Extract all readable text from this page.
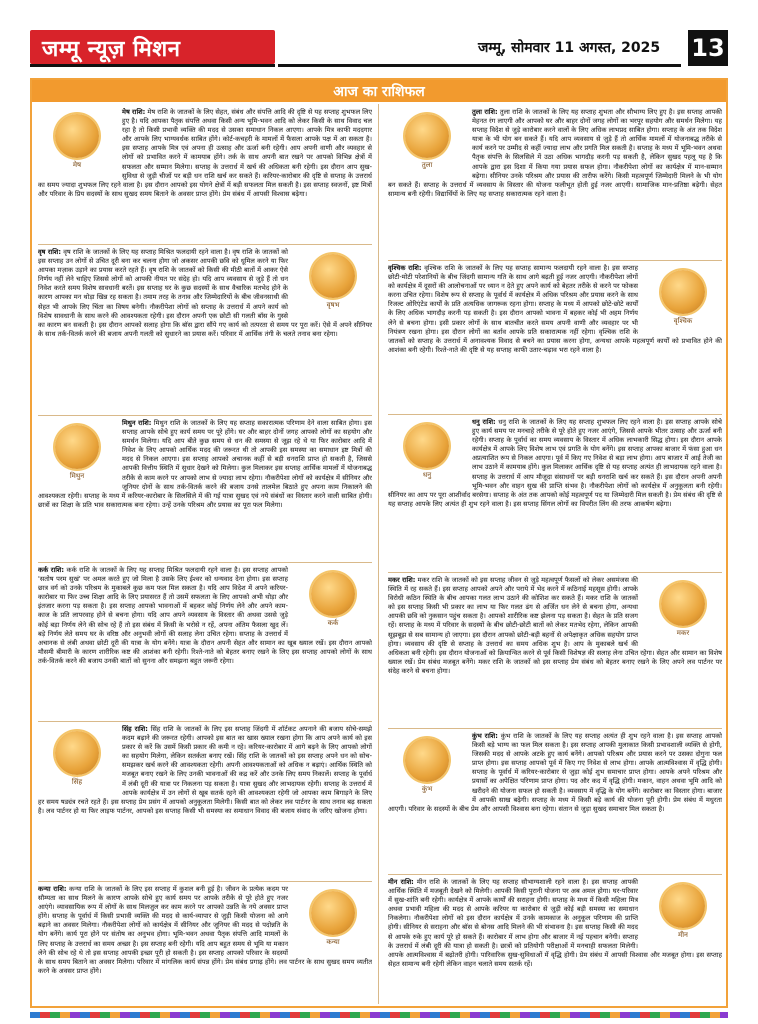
जम्मू न्यूज़ मिशन	जम्मू, सोमवार 11 अगस्त, 2025 13
आज का राशिफल
मेष

मेष राशि: मेष राशि के जातकों के लिए सेहत, संबंध और संपत्ति आदि की दृष्टि से यह सप्ताह शुभफल लिए हुए है। यदि आपका पैतृक संपत्ति अथवा किसी अन्य भूमि-भवन आदि को लेकर किसी के साथ विवाद चल रहा है तो किसी प्रभावी व्यक्ति की मदद से उसका समाधान निकल आएगा। आपके मित्र काफी मददगार और आपके लिए भाग्यवर्धक साबित होंगे। कोर्ट-कचहरी के मामलों में फैसला आपके पक्ष में आ सकता है। इस सप्ताह आपके मित्र एवं अपना ही उत्साह और ऊर्जा बनी रहेगी। आप अपनी वाणी और व्यवहार से लोगों को प्रभावित करने में कामयाब होंगे। तर्क के साथ अपनी बात रखने पर आपको विभिन्न क्षेत्रों में सफलता और सम्मान मिलेगा। सप्ताह के उत्तरार्ध में खर्च की अधिकता बनी रहेगी। इस दौरान आप सुख-सुविधा से जुड़ी चीजों पर बड़ी धन राशि खर्च कर सकते हैं। करियर-कारोबार की दृष्टि से सप्ताह के उत्तरार्ध का समय ज्यादा शुभफल लिए रहने वाला है। इस दौरान आपको इस योगने क्षेत्रों में बड़ी सफलता मिल सकती है। इस सप्ताह स्वजनों, इष्ट मित्रों और परिवार के प्रिय सदस्यों के साथ सुखद समय बिताने के अवसर प्राप्त होंगे। प्रेम संबंध में आपसी विश्वास बढ़ेगा।

वृषभ

वृष राशि: वृष राशि के जातकों के लिए यह सप्ताह मिश्रित फलदायी रहने वाला है। वृष राशि के जातकों को इस सप्ताह उन लोगों से उचित दूरी बना कर चलना होगा जो अकसर आपकी छवि को धूमिल करने या फिर आपका मज़ाक उड़ाने का प्रयास करते रहते हैं। वृष राशि के जातकों को किसी की मीठी बातों में आकर ऐसे निर्णय नहीं लेने चाहिए जिससे लोगों को आपकी नीयत पर संदेह हो। यदि आप व्यवसाय से जुड़े हैं तो धन निवेश करते समय विशेष सावधानी बरतें। इस सप्ताह घर के कुछ सदस्यों के साथ वैचारिक मतभेद होने के कारण आपका मन थोड़ा खिन्न रह सकता है। तमाम तरह के तनाव और जिम्मेदारियों के बीच जीवनसाथी की सेहत भी आपके लिए चिंता का विषय बनेगी। नौकरीपेशा लोगों को सप्ताह के उत्तरार्ध में अपने कार्य को विशेष सावधानी के साथ करने की आवश्यकता रहेगी। इस दौरान अपनी एक छोटी सी गलती बॉस के गुस्से का कारण बन सकती है। इस दौरान आपको सलाह होगा कि बॉस द्वारा सौंपे गए कार्य को तत्परता से समय पर पूरा करें। ऐसे में अपने सीनियर के साथ तर्क-वितर्क करने की बजाय अपनी गलती को सुधारने का प्रयास करें। परिवार में आर्थिक तंगी के चलते तनाव बना रहेगा।

मिथुन

मिथुन राशि: मिथुन राशि के जातकों के लिए यह सप्ताह सकारात्मक परिणाम देने वाला साबित होगा। इस सप्ताह आपके सोचे हुए कार्य समय पर पूरे होंगे। घर और बाहर दोनों जगह आपको लोगों का सहयोग और समर्थन मिलेगा। यदि आप बीते कुछ समय से धन की समस्या से जूझ रहे थे या फिर कारोबार आदि में निवेश के लिए आपको आर्थिक मदद की जरूरत थी तो आपकी इस समस्या का समाधान इष्ट मित्रों की मदद से निकल आएगा। इस सप्ताह आपको अचानक कहीं से बड़ी धनराशि प्राप्त हो सकती है, जिससे आपकी वित्तीय स्थिति में सुधार देखने को मिलेगा। कुल मिलाकर इस सप्ताह आर्थिक मामलों में योजनाबद्ध तरीके से काम करने पर आपको लाभ से ज्यादा लाभ रहेगा। नौकरीपेशा लोगों को कार्यक्षेत्र में सीनियर और जूनियर दोनों के साथ तर्क-वितर्क करने की बजाय उनसे तालमेल बिठाते हुए अपना काम निकालने की आवश्यकता रहेगी। सप्ताह के मध्य में करियर-कारोबार के सिलसिले में की गई यात्रा सुखद एवं नये संबंधों का विस्तार करने वाली साबित होगी। छात्रों का शिक्षा के प्रति भाव सकारात्मक बना रहेगा। उन्हें उनके परिश्रम और प्रयास का पूरा फल मिलेगा।

कर्क

कर्क राशि: कर्क राशि के जातकों के लिए यह सप्ताह मिश्रित फलदायी रहने वाला है। इस सप्ताह आपको 'सतोष परम सुखं' पर अमल करते हुए जो मिला है उसके लिए ईश्वर को धन्यवाद देना होगा। इस सप्ताह छात्र वर्ग को उनके परिश्रम के मुकाबले कुछ कम फल मिल सकता है। यदि आप विदेश में अपने करियर-कारोबार या फिर उच्च शिक्षा आदि के लिए प्रयासरत हैं तो उसमें सफलता के लिए आपको अभी थोड़ा और इंतजार करना पड़ सकता है। इस सप्ताह आपको भावनाओं में बहकर कोई निर्णय लेने और अपने काम-काज के प्रति लापरवाह होने से बचना होगा। यदि आप अपने व्यवसाय के विस्तार की अथवा उससे जुड़े कोई बड़ा निर्णय लेने की सोच रहे हैं तो इस संबंध में किसी के भरोसे न रहें, अपना अंतिम फैसला खुद लें। बड़े निर्णय लेते समय घर के वरिष्ठ और अनुभवी लोगों की सलाह लेना उचित रहेगा। सप्ताह के उत्तरार्ध में अचानक से लंबी अथवा छोटी दूरी की यात्रा के योग बनेंगे। यात्रा के दौरान अपनी सेहत और सामान का खूब ख्याल रखें। इस दौरान आपको मौसमी बीमारी के कारण शारीरिक कष्ट की आशंका बनी रहेगी। रिश्ते-नाते को बेहतर बनाए रखने के लिए इस सप्ताह आपको लोगों के साथ तर्क-वितर्क करने की बजाय उनकी बातों को सुनना और समझना बहुत जरूरी रहेगा।

सिंह

सिंह राशि: सिंह राशि के जातकों के लिए इस सप्ताह जिंदगी में शॉर्टकट अपनाने की बजाय सोचे-समझे कदम बढ़ाने की जरूरत रहेगी। आपको इस बात का खास ख्याल रखना होगा कि आप अपने कार्य को इस प्रकार से करें कि उसमें किसी प्रकार की कमी न रहे। करियर-कारोबार में आगे बढ़ने के लिए आपको लोगों का सहयोग मिलेगा, लेकिन सतर्कता बनाए रखें। सिंह राशि के जातकों को इस सप्ताह अपने धन को सोच-समझकर खर्च करने की आवश्यकता रहेगी। अपनी आवश्यकताओं को अधिक न बढ़ाएं। आर्थिक स्थिति को मजबूत बनाए रखने के लिए उनकी भावनाओं की कद्र करें और उनके लिए समय निकालें। सप्ताह के पूर्वार्ध में लंबी दूरी की यात्रा पर निकलना पड़ सकता है। यात्रा सुखद और लाभदायक रहेगी। सप्ताह के उत्तरार्ध में आपके कार्यक्षेत्र में उन लोगों से खूब सतर्क रहने की आवश्यकता रहेगी जो आपका काम बिगाड़ने के लिए हर समय षड्यंत्र रचते रहते हैं। इस सप्ताह प्रेम प्रसंग में आपको अनुकूलता मिलेगी। किसी बात को लेकर लव पार्टनर के साथ तनाव बढ़ सकता है। लव पार्टनर हो या फिर लाइफ पार्टनर, आपको इस सप्ताह किसी भी समस्या का समाधान विवाद की बजाय संवाद के जरिए खोजना होगा।

कन्या

कन्या राशि: कन्या राशि के जातकों के लिए इस सप्ताह में कुशल बनी हुई है। जीवन के प्रत्येक कदम पर सौम्यता का साथ मिलने के कारण आपके सोचे हुए कार्य समय पर आपके तरीके से पूरे होते हुए नजर आएंगे। व्यावसायिक रूप में लोगों के साथ मिलजुल कर काम करने पर आपको उन्नति के नये अवसर प्राप्त होंगे। सप्ताह के पूर्वार्ध में किसी प्रभावी व्यक्ति की मदद से कार्य-व्यापार से जुड़ी किसी योजना को आगे बढ़ाने का अवसर मिलेगा। नौकरीपेशा लोगों को कार्यक्षेत्र में सीनियर और जूनियर की मदद से पदोन्नति के योग बनेंगे। कार्य पूरा होने पर संतोष का अनुभव होगा। भूमि-भवन अथवा पैतृक संपत्ति आदि मामलों के लिए सप्ताह के उत्तरार्ध का समय अच्छा है। इस सप्ताह बनी रहेगी। यदि आप बहुत समय से भूमि या मकान लेने की सोच रहे थे तो इस सप्ताह आपकी इच्छा पूरी हो सकती है। इस सप्ताह आपको परिवार के सदस्यों के साथ समय बिताने का अवसर मिलेगा। परिवार में मांगलिक कार्य संपन्न होंगे। प्रेम संबंध प्रगाढ़ होंगे। लव पार्टनर के साथ सुखद समय व्यतीत करने के अवसर प्राप्त होंगे।

तुला

तुला राशि: तुला राशि के जातकों के लिए यह सप्ताह शुभता और सौभाग्य लिए हुए है। इस सप्ताह आपकी मेहनत रंग लाएगी और आपको घर और बाहर दोनों जगह लोगों का भरपूर सहयोग और समर्थन मिलेगा। यह सप्ताह विदेश से जुड़े कारोबार करने वालों के लिए अधिक लाभप्रद साबित होगा। सप्ताह के अंत तक विदेश यात्रा के भी योग बन सकते हैं। यदि आप व्यवसाय से जुड़े हैं तो आर्थिक मामलों में योजनाबद्ध तरीके से कार्य करने पर उम्मीद से कहीं ज्यादा लाभ और प्रगति मिल सकती है। सप्ताह के मध्य में भूमि-भवन अथवा पैतृक संपत्ति के सिलसिले में उठा अधिक भागदौड़ करनी पड़ सकती है, लेकिन सुखद पहलू यह है कि आपके द्वारा इस दिशा में किया गया प्रयास सफल होगा। नौकरीपेशा लोगों का कार्यक्षेत्र में मान-सम्मान बढ़ेगा। सीनियर उनके परिश्रम और प्रयास की तारीफ करेंगे। किसी महत्वपूर्ण जिम्मेदारी मिलने के भी योग बन सकते हैं। सप्ताह के उत्तरार्ध में व्यवसाय के विस्तार की योजना फलीभूत होती हुई नजर आएगी। सामाजिक मान-प्रतिष्ठा बढ़ेगी। सेहत सामान्य बनी रहेगी। विद्यार्थियों के लिए यह सप्ताह सकारात्मक रहने वाला है।

वृश्चिक

वृश्चिक राशि: वृश्चिक राशि के जातकों के लिए यह सप्ताह सामान्य फलदायी रहने वाला है। इस सप्ताह छोटी-मोटी परेशानियों के बीच जिंदगी सामान्य गति के साथ आगे बढ़ती हुई नजर आएगी। नौकरीपेशा लोगों को कार्यक्षेत्र में दूसरों की आलोचनाओं पर ध्यान न देते हुए अपने कार्य को बेहतर तरीके से करने पर फोकस करना उचित रहेगा। विशेष रूप से सप्ताह के पूर्वार्ध में कार्यक्षेत्र में अधिक परिश्रम और प्रयास करने के साथ रिजल्ट ओरिएंटेड कार्यों के प्रति अत्यधिक जागरूक रहना होगा। सप्ताह के मध्य में आपको छोटे-छोटे कार्यों के लिए अधिक भागदौड़ करनी पड़ सकती है। इस दौरान आपको भावना में बहकर कोई भी अहम निर्णय लेने से बचना होगा। इसी प्रकार लोगों के साथ बातचीत करते समय अपनी वाणी और व्यवहार पर भी नियंत्रण रखना होगा। इस दौरान लोगों का बर्ताव आपके प्रति सकारात्मक नहीं रहेगा। वृश्चिक राशि के जातकों को सप्ताह के उत्तरार्ध में अनावश्यक विवाद से बचने का प्रयास करना होगा, अन्यथा आपके महत्वपूर्ण कार्यों को प्रभावित होने की आशंका बनी रहेगी। रिश्ते-नाते की दृष्टि से यह सप्ताह काफी उतार-चढ़ाव भरा रहने वाला है।

धनु

धनु राशि: धनु राशि के जातकों के लिए यह सप्ताह शुभफल लिए रहने वाला है। इस सप्ताह आपके सोचे हुए कार्य समय पर मनचाहे तरीके से पूरे होते हुए नजर आएंगे, जिससे आपके भीतर उत्साह और ऊर्जा बनी रहेगी। सप्ताह के पूर्वार्ध का समय व्यवसाय के विस्तार में अधिक लाभकारी सिद्ध होगा। इस दौरान आपके कार्यक्षेत्र में आपके लिए विशेष लाभ एवं प्रगति के योग बनेंगे। इस सप्ताह आपका बाजार में फंसा हुआ धन अप्रत्याशित रूप से निकल आएगा। पूर्व में किए गए निवेश से बड़ा लाभ होगा। आप बाजार में आई तेजी का लाभ उठाने में कामयाब होंगे। कुल मिलाकर आर्थिक दृष्टि से यह सप्ताह अत्यंत ही लाभदायक रहने वाला है। सप्ताह के उत्तरार्ध में आप मौजूदा संसाधनों पर बड़ी धनराशि खर्च कर सकते हैं। इस दौरान अपनी अपनी भूमि-भवन और वाहन सुख की प्राप्ति संभव है। नौकरीपेशा लोगों को कार्यक्षेत्र में अनुकूलता बनी रहेगी। सीनियर का आप पर पूरा आशीर्वाद बरसेगा। सप्ताह के अंत तक आपको कोई महत्वपूर्ण पद या जिम्मेदारी मिल सकती है। प्रेम संबंध की दृष्टि से यह सप्ताह आपके लिए अत्यंत ही शुभ रहने वाला है। इस सप्ताह सिंगल लोगों का विपरीत लिंग की तरफ आकर्षण बढ़ेगा।

मकर

मकर राशि: मकर राशि के जातकों को इस सप्ताह जीवन से जुड़े महत्वपूर्ण फैसलों को लेकर असमंजस की स्थिति में रह सकते हैं। इस सप्ताह आपको अपने और पराये में भेद करने में कठिनाई महसूस होगी। आपके विरोधी कठिन स्थिति के बीच आपका गलत लाभ उठाने की कोशिश कर सकते हैं। मकर राशि के जातकों को इस सप्ताह किसी भी प्रकार का लाभ या फिर गलत ढंग से अर्जित धन लेने से बचना होगा, अन्यथा आपकी छवि को नुकसान पहुंच सकता है। आपको शारीरिक कष्ट झेलना पड़ सकता है। सेहत के प्रति सजग रहें। सप्ताह के मध्य में परिवार के सदस्यों के बीच छोटी-छोटी बातों को लेकर मतभेद रहेगा, लेकिन आपकी सूझबूझ से सब सामान्य हो जाएगा। इस दौरान आपको छोटी-बड़ी बहनों से अपेक्षाकृत अधिक सहयोग प्राप्त होगा। व्यवसाय की दृष्टि से सप्ताह के उत्तरार्ध का समय अधिक शुभ है। आप के मुकाबले खर्च की अधिकता बनी रहेगी। इस दौरान योजनाओं को क्रियान्वित करने से पूर्व किसी विशेषज्ञ की सलाह लेना उचित रहेगा। सेहत और सामान का विशेष ख्याल रखें। प्रेम संबंध मजबूत बनेंगे। मकर राशि के जातकों को इस सप्ताह प्रेम संबंध को बेहतर बनाए रखने के लिए अपने लव पार्टनर पर संदेह करने से बचना होगा।

कुंभ

कुंभ राशि: कुंभ राशि के जातकों के लिए यह सप्ताह अत्यंत ही शुभ रहने वाला है। इस सप्ताह आपको किसी बड़े भाग्य का फल मिल सकता है। इस सप्ताह आपकी मुलाकात किसी प्रभावशाली व्यक्ति से होगी, जिसकी मदद से आपके अटके हुए कार्य बनेंगे। आपको परिश्रम और प्रयास करने पर उसका दोगुना फल प्राप्त होगा। इस सप्ताह आपको पूर्व में किए गए निवेश से लाभ होगा। आपके आत्मविश्वास में वृद्धि होगी। सप्ताह के पूर्वार्ध में करियर-कारोबार से जुड़ा कोई शुभ समाचार प्राप्त होगा। आपके अपने परिश्रम और प्रयासों का अपेक्षित परिणाम प्राप्त होगा। पद और कद में वृद्धि होगी। मकान, वाहन अथवा भूमि आदि को खरीदने की योजना सफल हो सकती है। व्यवसाय में वृद्धि के योग बनेंगे। कारोबार का विस्तार होगा। बाजार में आपकी साख बढ़ेगी। सप्ताह के मध्य में किसी बड़े कार्य की योजना पूरी होगी। प्रेम संबंध में मधुरता आएगी। परिवार के सदस्यों के बीच प्रेम और आपसी विश्वास बना रहेगा। संतान से जुड़ा सुखद समाचार मिल सकता है।

मीन

मीन राशि: मीन राशि के जातकों के लिए यह सप्ताह सौभाग्यशाली रहने वाला है। इस सप्ताह आपकी आर्थिक स्थिति में मजबूती देखने को मिलेगी। आपकी किसी पुरानी योजना पर अब अमल होगा। घर-परिवार में सुख-शांति बनी रहेगी। कार्यक्षेत्र में आपके कार्यों की सराहना होगी। सप्ताह के मध्य में किसी महिला मित्र अथवा प्रभावी महिला की मदद से आपके करियर या कारोबार से जुड़ी कोई बड़ी समस्या का समाधान निकलेगा। नौकरीपेशा लोगों को इस दौरान कार्यक्षेत्र में उनके कामकाज के अनुकूल परिणाम की प्राप्ति होगी। सीनियर से सराहना और बॉस से बोनस आदि मिलने की भी संभावना है। इस सप्ताह किसी की मदद से आपके रुके हुए कार्य पूरे हो सकते हैं। कारोबार में लाभ होगा और बाजार में नई पहचान बनेगी। सप्ताह के उत्तरार्ध में लंबी दूरी की यात्रा हो सकती है। छात्रों को प्रतियोगी परीक्षाओं में मनचाही सफलता मिलेगी। आपके आत्मविश्वास में बढ़ोतरी होगी। पारिवारिक सुख-सुविधाओं में वृद्धि होगी। प्रेम संबंध में आपसी विश्वास और मजबूत होगा। इस सप्ताह सेहत सामान्य बनी रहेगी लेकिन वाहन चलाते समय सतर्क रहें।
